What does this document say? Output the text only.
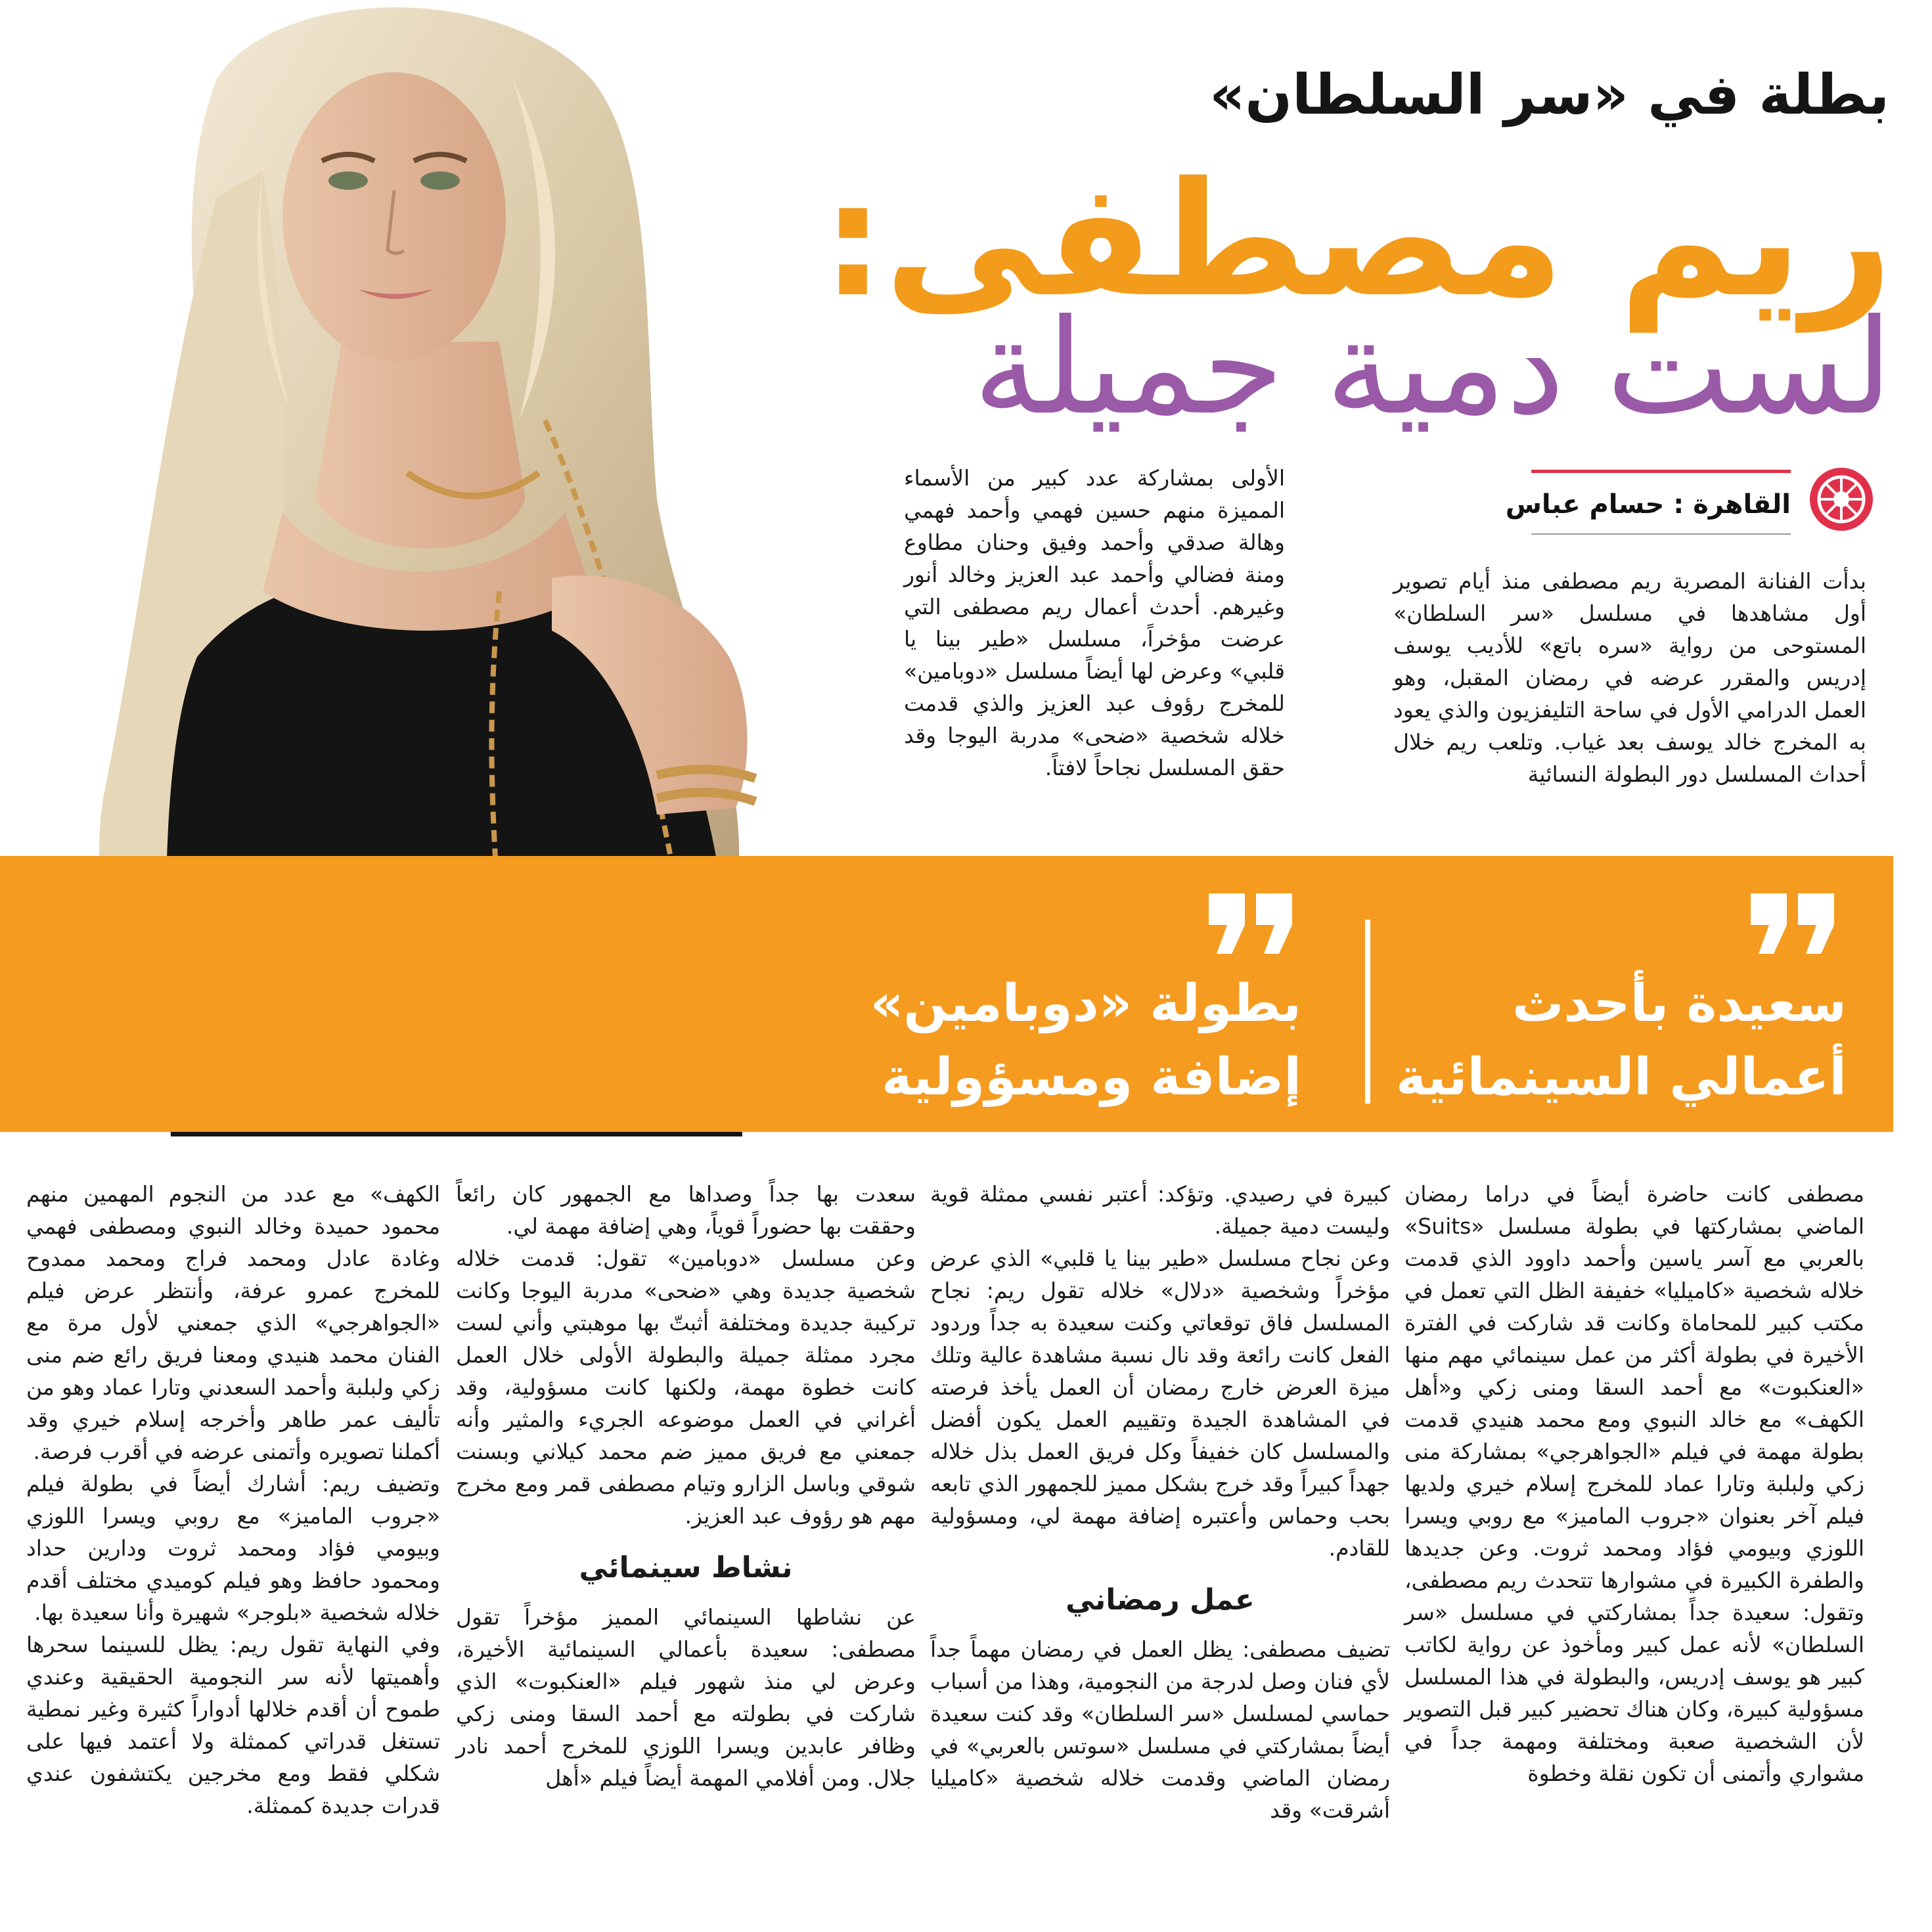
بطلة في «سر السلطان»
ريم مصطفى:
لست دمية جميلة
القاهرة : حسام عباس

بدأت الفنانة المصرية ريم مصطفى منذ أيام تصوير أول مشاهدها في مسلسل «سر السلطان» المستوحى من رواية «سره باتع» للأديب يوسف إدريس والمقرر عرضه في رمضان المقبل، وهو العمل الدرامي الأول في ساحة التليفزيون والذي يعود به المخرج خالد يوسف بعد غياب. وتلعب ريم خلال أحداث المسلسل دور البطولة النسائية

الأولى بمشاركة عدد كبير من الأسماء المميزة منهم حسين فهمي وأحمد فهمي وهالة صدقي وأحمد وفيق وحنان مطاوع ومنة فضالي وأحمد عبد العزيز وخالد أنور وغيرهم. أحدث أعمال ريم مصطفى التي عرضت مؤخراً، مسلسل «طير بينا يا قلبي» وعرض لها أيضاً مسلسل «دوبامين» للمخرج رؤوف عبد العزيز والذي قدمت خلاله شخصية «ضحى» مدربة اليوجا وقد حقق المسلسل نجاحاً لافتاً.

سعيدة بأحدث
أعمالي السينمائية
بطولة «دوبامين»
إضافة ومسؤولية

مصطفى كانت حاضرة أيضاً في دراما رمضان الماضي بمشاركتها في بطولة مسلسل «Suits» بالعربي مع آسر ياسين وأحمد داوود الذي قدمت خلاله شخصية «كاميليا» خفيفة الظل التي تعمل في مكتب كبير للمحاماة وكانت قد شاركت في الفترة الأخيرة في بطولة أكثر من عمل سينمائي مهم منها «العنكبوت» مع أحمد السقا ومنى زكي و«أهل الكهف» مع خالد النبوي ومع محمد هنيدي قدمت بطولة مهمة في فيلم «الجواهرجي» بمشاركة منى زكي ولبلبة وتارا عماد للمخرج إسلام خيري ولديها فيلم آخر بعنوان «جروب الماميز» مع روبي ويسرا اللوزي وبيومي فؤاد ومحمد ثروت. وعن جديدها والطفرة الكبيرة في مشوارها تتحدث ريم مصطفى، وتقول: سعيدة جداً بمشاركتي في مسلسل «سر السلطان» لأنه عمل كبير ومأخوذ عن رواية لكاتب كبير هو يوسف إدريس، والبطولة في هذا المسلسل مسؤولية كبيرة، وكان هناك تحضير كبير قبل التصوير لأن الشخصية صعبة ومختلفة ومهمة جداً في مشواري وأتمنى أن تكون نقلة وخطوة

كبيرة في رصيدي. وتؤكد: أعتبر نفسي ممثلة قوية وليست دمية جميلة.

وعن نجاح مسلسل «طير بينا يا قلبي» الذي عرض مؤخراً وشخصية «دلال» خلاله تقول ريم: نجاح المسلسل فاق توقعاتي وكنت سعيدة به جداً وردود الفعل كانت رائعة وقد نال نسبة مشاهدة عالية وتلك ميزة العرض خارج رمضان أن العمل يأخذ فرصته في المشاهدة الجيدة وتقييم العمل يكون أفضل والمسلسل كان خفيفاً وكل فريق العمل بذل خلاله جهداً كبيراً وقد خرج بشكل مميز للجمهور الذي تابعه بحب وحماس وأعتبره إضافة مهمة لي، ومسؤولية للقادم.

عمل رمضاني

تضيف مصطفى: يظل العمل في رمضان مهماً جداً لأي فنان وصل لدرجة من النجومية، وهذا من أسباب حماسي لمسلسل «سر السلطان» وقد كنت سعيدة أيضاً بمشاركتي في مسلسل «سوتس بالعربي» في رمضان الماضي وقدمت خلاله شخصية «كاميليا أشرقت» وقد

سعدت بها جداً وصداها مع الجمهور كان رائعاً وحققت بها حضوراً قوياً، وهي إضافة مهمة لي.

وعن مسلسل «دوبامين» تقول: قدمت خلاله شخصية جديدة وهي «ضحى» مدربة اليوجا وكانت تركيبة جديدة ومختلفة أثبتّ بها موهبتي وأني لست مجرد ممثلة جميلة والبطولة الأولى خلال العمل كانت خطوة مهمة، ولكنها كانت مسؤولية، وقد أغراني في العمل موضوعه الجريء والمثير وأنه جمعني مع فريق مميز ضم محمد كيلاني وبسنت شوقي وباسل الزارو وتيام مصطفى قمر ومع مخرج مهم هو رؤوف عبد العزيز.

نشاط سينمائي

عن نشاطها السينمائي المميز مؤخراً تقول مصطفى: سعيدة بأعمالي السينمائية الأخيرة، وعرض لي منذ شهور فيلم «العنكبوت» الذي شاركت في بطولته مع أحمد السقا ومنى زكي وظافر عابدين ويسرا اللوزي للمخرج أحمد نادر جلال. ومن أفلامي المهمة أيضاً فيلم «أهل

الكهف» مع عدد من النجوم المهمين منهم محمود حميدة وخالد النبوي ومصطفى فهمي وغادة عادل ومحمد فراج ومحمد ممدوح للمخرج عمرو عرفة، وأنتظر عرض فيلم «الجواهرجي» الذي جمعني لأول مرة مع الفنان محمد هنيدي ومعنا فريق رائع ضم منى زكي ولبلبة وأحمد السعدني وتارا عماد وهو من تأليف عمر طاهر وأخرجه إسلام خيري وقد أكملنا تصويره وأتمنى عرضه في أقرب فرصة.

وتضيف ريم: أشارك أيضاً في بطولة فيلم «جروب الماميز» مع روبي ويسرا اللوزي وبيومي فؤاد ومحمد ثروت ودارين حداد ومحمود حافظ وهو فيلم كوميدي مختلف أقدم خلاله شخصية «بلوجر» شهيرة وأنا سعيدة بها.

وفي النهاية تقول ريم: يظل للسينما سحرها وأهميتها لأنه سر النجومية الحقيقية وعندي طموح أن أقدم خلالها أدواراً كثيرة وغير نمطية تستغل قدراتي كممثلة ولا أعتمد فيها على شكلي فقط ومع مخرجين يكتشفون عندي قدرات جديدة كممثلة.
